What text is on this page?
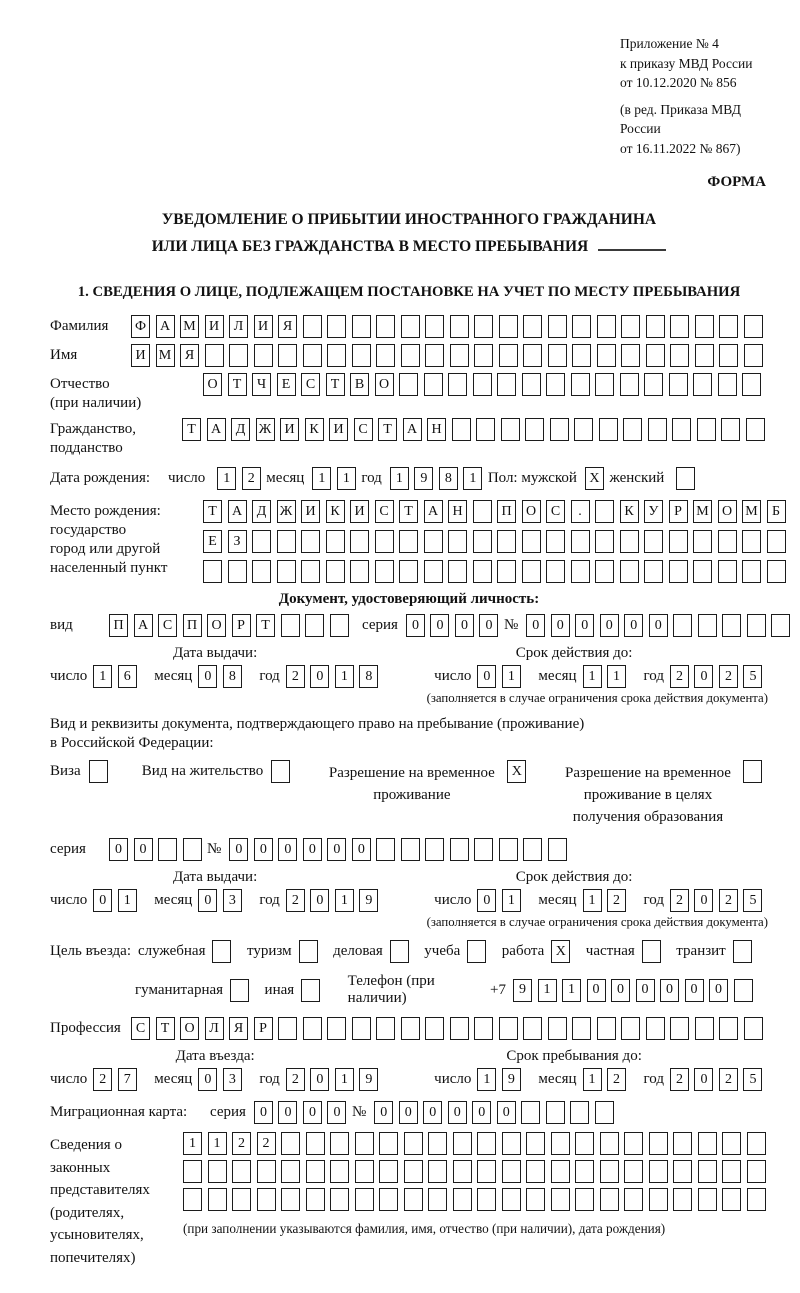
Приложение № 4
к приказу МВД России
от 10.12.2020 № 856
(в ред. Приказа МВД России
от 16.11.2022 № 867)
ФОРМА
УВЕДОМЛЕНИЕ О ПРИБЫТИИ ИНОСТРАННОГО ГРАЖДАНИНА
ИЛИ ЛИЦА БЕЗ ГРАЖДАНСТВА В МЕСТО ПРЕБЫВАНИЯ
1. СВЕДЕНИЯ О ЛИЦЕ, ПОДЛЕЖАЩЕМ ПОСТАНОВКЕ НА УЧЕТ ПО МЕСТУ ПРЕБЫВАНИЯ
Фамилия	Ф А М И	Л	И	Я
Имя	И М Я
Отчество
(при наличии)
О	Т	Ч	Е	С	Т	В	О
Гражданство,
подданство
Т	А	Д Ж И	К	И	С	Т	А	Н
Дата рождения:	число	1	2 месяц	1	1 год	1	9	8	1 Пол: мужской X женский
Место рождения:
государство
город или другой
населенный пункт
Т	А	Д Ж И	К	И	С	Т	А	Н	П	О	С	.	К	У	Р	М О М	Б
Е	З
Документ, удостоверяющий личность:
вид	П	А	С	П	О	Р	Т	серия	0	0	0	0 №	0	0	0	0	0	0
Дата выдачи:
число 1	6	месяц 0	8	год 2	0	1	8
Срок действия до:
число 0	1	месяц 1	1	год 2	0	2	5
(заполняется в случае ограничения срока действия документа)
Вид и реквизиты документа, подтверждающего право на пребывание (проживание)
в Российской Федерации:
Виза	Вид на жительство	Разрешение на временное проживание
X	Разрешение на временное проживание в целях получения образования
серия	0	0	№	0	0	0	0	0	0
Дата выдачи:
число 0	1	месяц 0	3	год 2	0	1	9
Срок действия до:
число 0	1	месяц 1	2	год 2	0	2	5
(заполняется в случае ограничения срока действия документа)
Цель въезда: служебная	туризм	деловая	учеба	работа X частная	транзит
гуманитарная	иная
Телефон (при наличии)
+7 9	1	1	0	0	0	0	0	0
Профессия	С	Т	О	Л	Я	Р
Дата въезда:
число 2	7	месяц 0	3	год 2	0	1	9
Срок пребывания до:
число 1	9	месяц 1	2	год 2	0	2	5
Миграционная карта:	серия	0	0	0	0 №	0	0	0	0	0	0
Сведения о
законных
представителях
(родителях,
усыновителях,
попечителях)
1	1	2	2
(при заполнении указываются фамилия, имя, отчество (при наличии), дата рождения)
